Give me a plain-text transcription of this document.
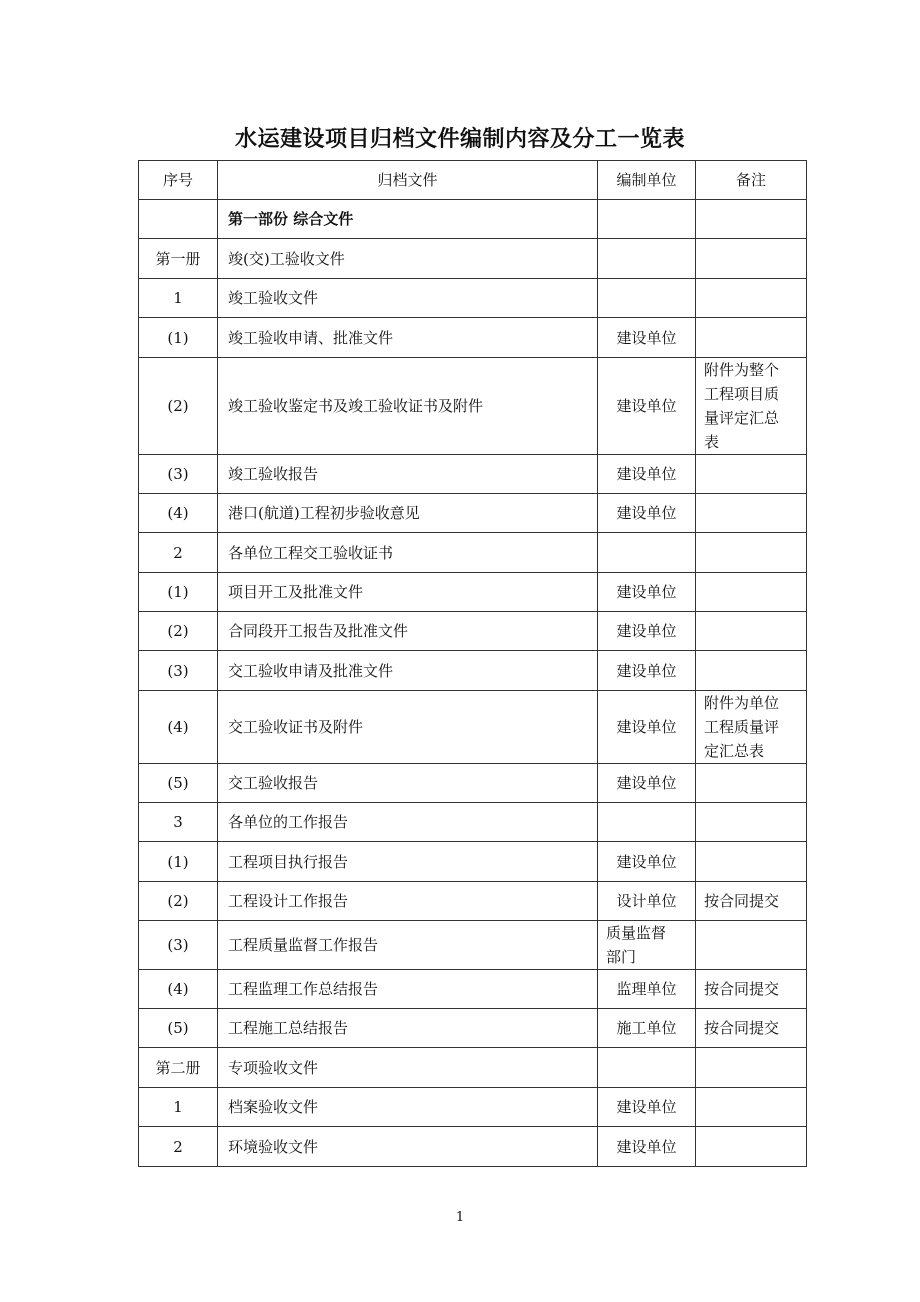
水运建设项目归档文件编制内容及分工一览表
序号	归档文件	编制单位	备注
	第一部份 综合文件		

第一册	竣(交)工验收文件		

1	竣工验收文件		

(1)	竣工验收申请、批准文件	建设单位	

(2)	竣工验收鉴定书及竣工验收证书及附件	建设单位	附件为整个工程项目质量评定汇总表

(3)	竣工验收报告	建设单位	

(4)	港口(航道)工程初步验收意见	建设单位	

2	各单位工程交工验收证书		

(1)	项目开工及批准文件	建设单位	

(2)	合同段开工报告及批准文件	建设单位	

(3)	交工验收申请及批准文件	建设单位	

(4)	交工验收证书及附件	建设单位	附件为单位工程质量评定汇总表

(5)	交工验收报告	建设单位	

3	各单位的工作报告		

(1)	工程项目执行报告	建设单位	

(2)	工程设计工作报告	设计单位	按合同提交

(3)	工程质量监督工作报告	质量监督部门	

(4)	工程监理工作总结报告	监理单位	按合同提交

(5)	工程施工总结报告	施工单位	按合同提交

第二册	专项验收文件		

1	档案验收文件	建设单位	

2	环境验收文件	建设单位	
1
